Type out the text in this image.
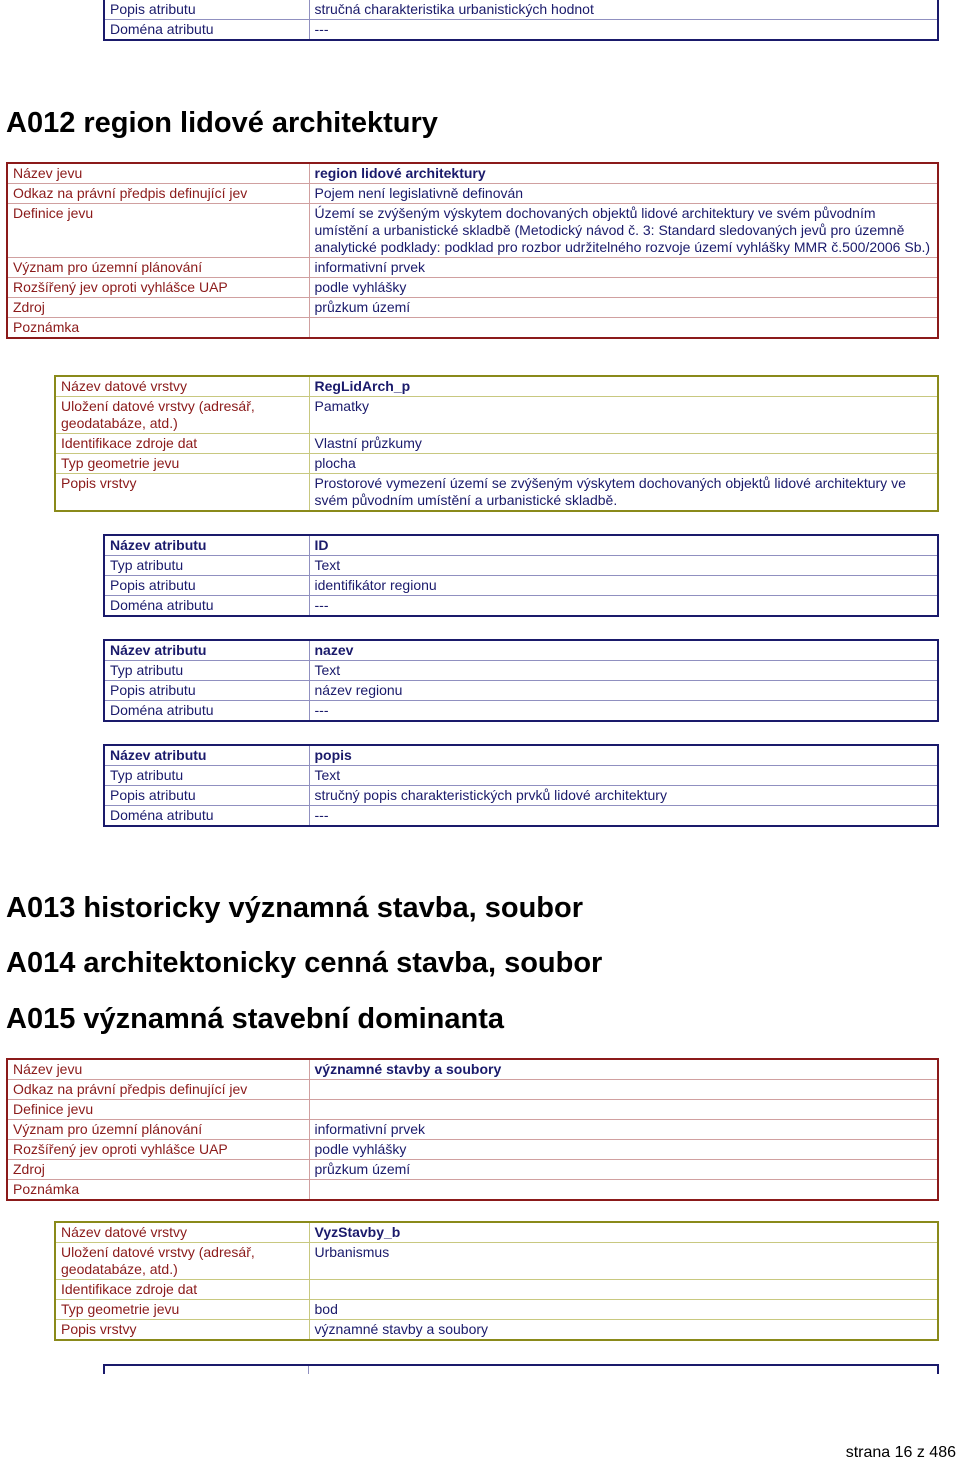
Popis atributu	stručná charakteristika urbanistických hodnot
Doména atributu	---
A012 region lidové architektury
Název jevu	region lidové architektury
Odkaz na právní předpis definující jev	Pojem není legislativně definován
Definice jevu	Území se zvýšeným výskytem dochovaných objektů lidové architektury ve svém původním umístění a urbanistické skladbě (Metodický návod č. 3: Standard sledovaných jevů pro územně analytické podklady: podklad pro rozbor udržitelného rozvoje území vyhlášky MMR č.500/2006 Sb.)
Význam pro územní plánování	informativní prvek
Rozšířený jev oproti vyhlášce UAP	podle vyhlášky
Zdroj	průzkum území
Poznámka	
Název datové vrstvy	RegLidArch_p
Uložení datové vrstvy (adresář, geodatabáze, atd.)	Pamatky
Identifikace zdroje dat	Vlastní průzkumy
Typ geometrie jevu	plocha
Popis vrstvy	Prostorové vymezení území se zvýšeným výskytem dochovaných objektů lidové architektury ve svém původním umístění a urbanistické skladbě.
Název atributu	ID
Typ atributu	Text
Popis atributu	identifikátor regionu
Doména atributu	---
Název atributu	nazev
Typ atributu	Text
Popis atributu	název regionu
Doména atributu	---
Název atributu	popis
Typ atributu	Text
Popis atributu	stručný popis charakteristických prvků lidové architektury
Doména atributu	---
A013 historicky významná stavba, soubor
A014 architektonicky cenná stavba, soubor
A015 významná stavební dominanta
Název jevu	významné stavby a soubory
Odkaz na právní předpis definující jev	
Definice jevu	
Význam pro územní plánování	informativní prvek
Rozšířený jev oproti vyhlášce UAP	podle vyhlášky
Zdroj	průzkum území
Poznámka	
Název datové vrstvy	VyzStavby_b
Uložení datové vrstvy (adresář, geodatabáze, atd.)	Urbanismus
Identifikace zdroje dat	
Typ geometrie jevu	bod
Popis vrstvy	významné stavby a soubory
strana 16 z 486
